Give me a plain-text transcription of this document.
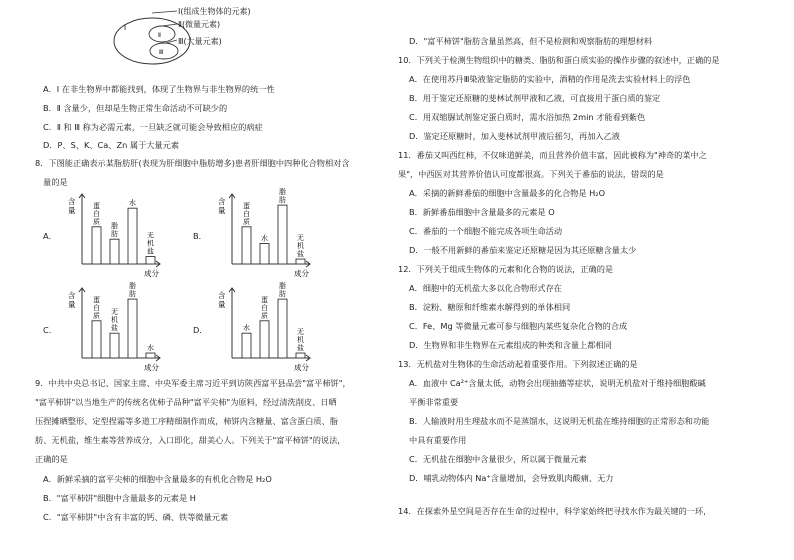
Ⅰ
Ⅱ
Ⅲ
Ⅰ(组成生物体的元素)
Ⅱ(微量元素)
Ⅲ(大量元素)
A．Ⅰ 在非生物界中都能找到，体现了生物界与非生物界的统一性
B．Ⅱ 含量少，但却是生物正常生命活动不可缺少的
C．Ⅱ 和 Ⅲ 称为必需元素，一旦缺乏就可能会导致相应的病症
D．P、S、K、Ca、Zn 属于大量元素
8．下图能正确表示某脂肪肝(表现为肝细胞中脂肪增多)患者肝细胞中四种化合物相对含
量的是
A．	B．
C．	D．
含量
成分
蛋白质
脂肪
水
无机盐
含量
成分
蛋白质
水
脂肪
无机盐
含量
成分
蛋白质 无机盐
脂肪
水
含量
成分
水
蛋白质
脂肪
无机盐
9．中共中央总书记、国家主席、中央军委主席习近平到访陕西富平县品尝"富平柿饼"，
"富平柿饼"以当地生产的传统名优柿子品种"富平尖柿"为原料，经过清洗削皮、日晒
压捏摊晒整形、定型捏霜等多道工序精细制作而成，柿饼内含糖量、富含蛋白质、脂
肪、无机盐，维生素等营养成分，入口即化，甜美心人。下列关于"富平柿饼"的说法，
正确的是
A．新鲜采摘的富平尖柿的细胞中含量最多的有机化合物是 H₂O
B．"富平柿饼"细胞中含量最多的元素是 H
C．"富平柿饼"中含有丰富的钙、磷、铁等微量元素
D．"富平柿饼"脂肪含量虽然高，但不是检测和观察脂肪的理想材料
10．下列关于检测生物组织中的糖类、脂肪和蛋白质实验的操作步骤的叙述中，正确的是
A．在使用苏丹Ⅲ染液鉴定脂肪的实验中，酒精的作用是洗去实验材料上的浮色
B．用于鉴定还原糖的斐林试剂甲液和乙液，可直接用于蛋白质的鉴定
C．用双缩脲试剂鉴定蛋白质时，需水浴加热 2min 才能看到紫色
D．鉴定还原糖时，加入斐林试剂甲液后摇匀，再加入乙液
11．番茄又叫西红柿，不仅味道鲜美，而且营养价值丰富，因此被称为"神奇的菜中之
果"，中西医对其营养价值认可度都很高。下列关于番茄的说法，错误的是
A．采摘的新鲜番茄的细胞中含量最多的化合物是 H₂O
B．新鲜番茄细胞中含量最多的元素是 O
C．番茄的一个细胞不能完成各项生命活动
D．一般不用新鲜的番茄来鉴定还原糖是因为其还原糖含量太少
12．下列关于组成生物体的元素和化合物的说法，正确的是
A．细胞中的无机盐大多以化合物形式存在
B．淀粉、糖原和纤维素水解得到的单体相同
C．Fe、Mg 等微量元素可参与细胞内某些复杂化合物的合成
D．生物界和非生物界在元素组成的种类和含量上都相同
13．无机盐对生物体的生命活动起着重要作用。下列叙述正确的是
A．血液中 Ca²⁺含量太低，动物会出现抽搐等症状，说明无机盐对于维持细胞酸碱
平衡非常重要
B．人输液时用生理盐水而不是蒸馏水，这说明无机盐在维持细胞的正常形态和功能
中具有重要作用
C．无机盐在细胞中含量很少，所以属于微量元素
D．哺乳动物体内 Na⁺含量增加，会导致肌肉酸痛、无力
14．在探索外星空间是否存在生命的过程中，科学家始终把寻找水作为最关键的一环，
